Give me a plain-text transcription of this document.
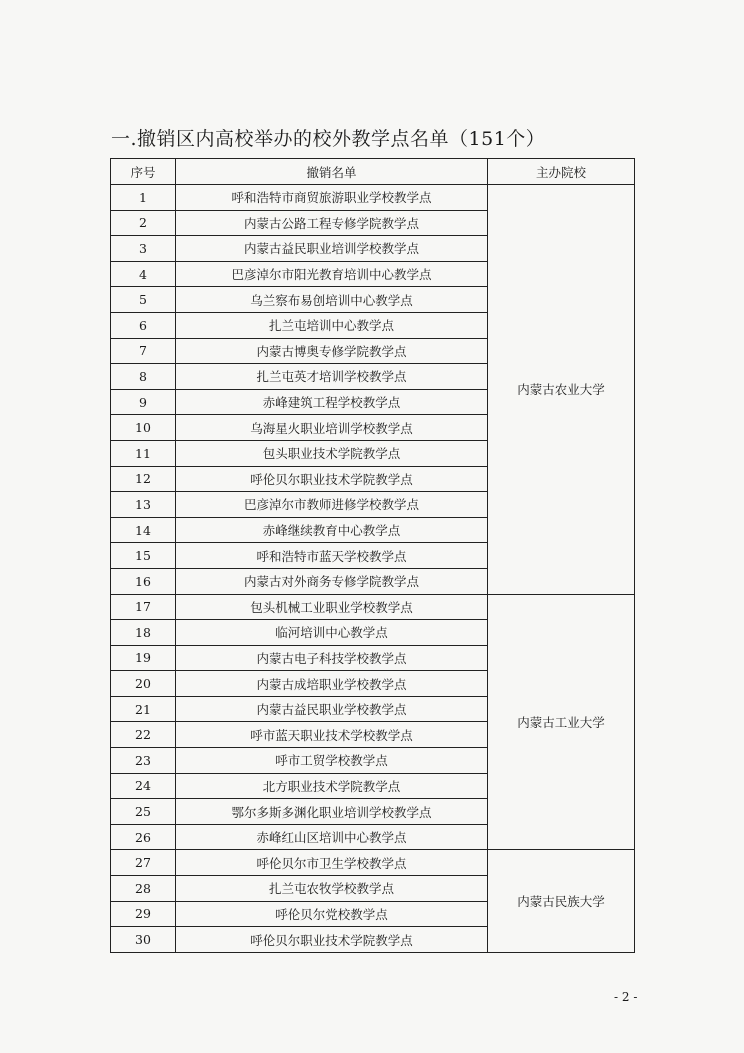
一.撤销区内高校举办的校外教学点名单（151个）
序号	撤销名单	主办院校
1	呼和浩特市商贸旅游职业学校教学点	内蒙古农业大学
2	内蒙古公路工程专修学院教学点	
3	内蒙古益民职业培训学校教学点	
4	巴彦淖尔市阳光教育培训中心教学点	
5	乌兰察布易创培训中心教学点	
6	扎兰屯培训中心教学点	
7	内蒙古博奥专修学院教学点	
8	扎兰屯英才培训学校教学点	
9	赤峰建筑工程学校教学点	
10	乌海星火职业培训学校教学点	
11	包头职业技术学院教学点	
12	呼伦贝尔职业技术学院教学点	
13	巴彦淖尔市教师进修学校教学点	
14	赤峰继续教育中心教学点	
15	呼和浩特市蓝天学校教学点	
16	内蒙古对外商务专修学院教学点	
17	包头机械工业职业学校教学点	内蒙古工业大学
18	临河培训中心教学点	
19	内蒙古电子科技学校教学点	
20	内蒙古成培职业学校教学点	
21	内蒙古益民职业学校教学点	
22	呼市蓝天职业技术学校教学点	
23	呼市工贸学校教学点	
24	北方职业技术学院教学点	
25	鄂尔多斯多渊化职业培训学校教学点	
26	赤峰红山区培训中心教学点	
27	呼伦贝尔市卫生学校教学点	内蒙古民族大学
28	扎兰屯农牧学校教学点	
29	呼伦贝尔党校教学点	
30	呼伦贝尔职业技术学院教学点	
- 2 -
